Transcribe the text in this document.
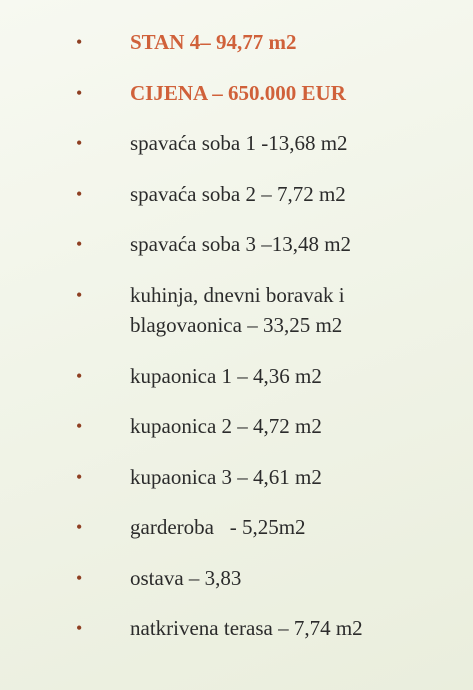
• STAN 4– 94,77 m2
• CIJENA – 650.000 EUR
• spavaća soba 1 -13,68 m2
• spavaća soba 2 – 7,72 m2
• spavaća soba 3 –13,48 m2
• kuhinja, dnevni boravak i
blagovaonica – 33,25 m2
• kupaonica 1 – 4,36 m2
• kupaonica 2 – 4,72 m2
• kupaonica 3 – 4,61 m2
• garderoba   - 5,25m2
• ostava – 3,83
• natkrivena terasa – 7,74 m2
